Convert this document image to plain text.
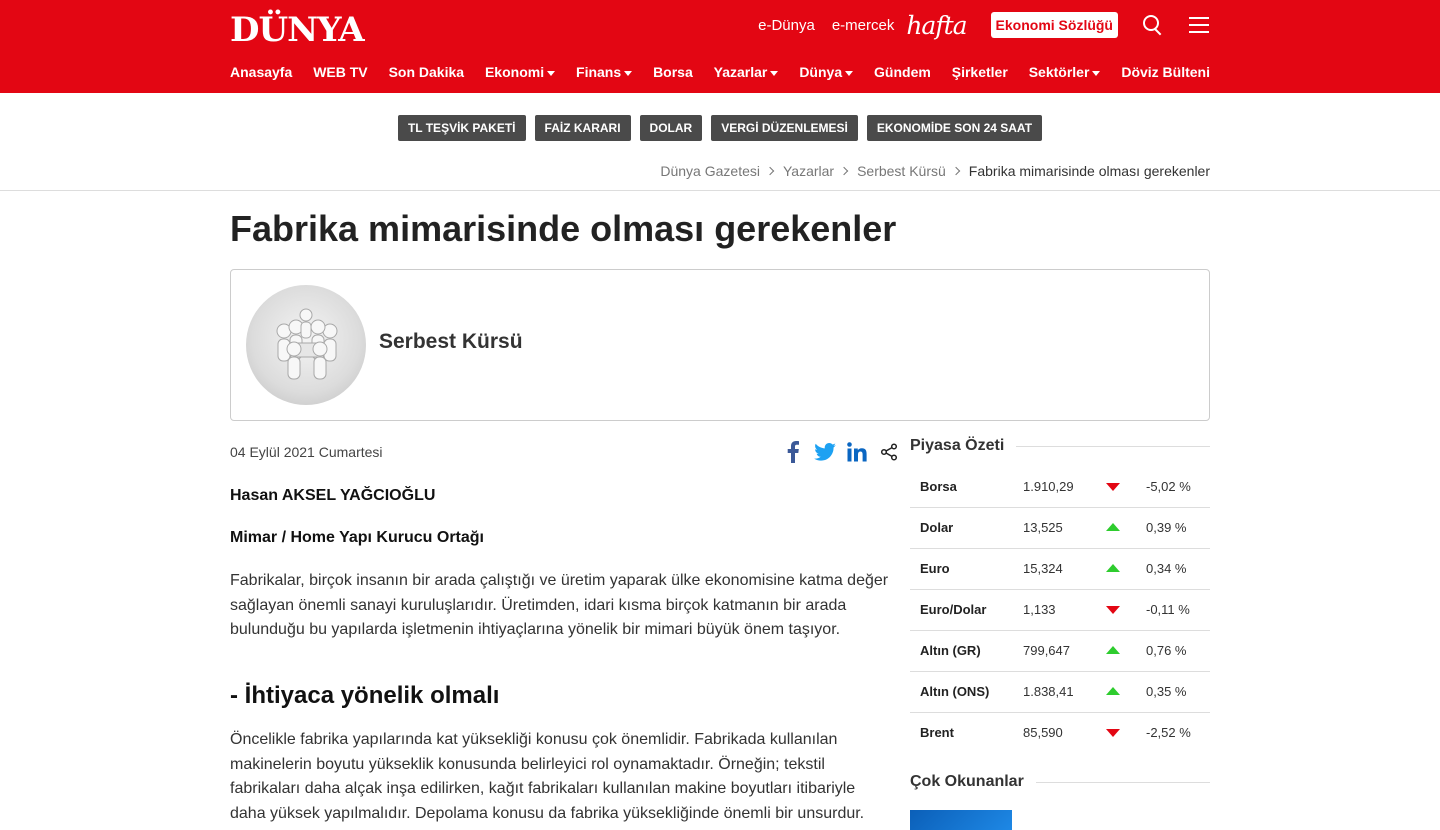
DÜNYA	e-Dünya e-mercek hafta	Ekonomi Sözlüğü
Anasayfa WEB TV Son Dakika Ekonomi	Finans	Borsa Yazarlar	Dünya	Gündem Şirketler Sektörler	Döviz Bülteni
TL TEŞVİK PAKETİ	FAİZ KARARI	DOLAR	VERGİ DÜZENLEMESİ	EKONOMİDE SON 24 SAAT
Dünya Gazetesi Yazarlar Serbest Kürsü Fabrika mimarisinde olması gerekenler
Fabrika mimarisinde olması gerekenler
Serbest Kürsü
04 Eylül 2021 Cumartesi
Hasan AKSEL YAĞCIOĞLU
Mimar / Home Yapı Kurucu Ortağı

Fabrikalar, birçok insanın bir arada çalıştığı ve üretim yaparak ülke ekonomisine katma değer sağlayan önemli sanayi kuruluşlarıdır. Üretimden, idari kısma birçok katmanın bir arada bulunduğu bu yapılarda işletmenin ihtiyaçlarına yönelik bir mimari büyük önem taşıyor.

- İhtiyaca yönelik olmalı

Öncelikle fabrika yapılarında kat yüksekliği konusu çok önemlidir. Fabrikada kullanılan makinelerin boyutu yükseklik konusunda belirleyici rol oynamaktadır. Örneğin; tekstil fabrikaları daha alçak inşa edilirken, kağıt fabrikaları kullanılan makine boyutları itibariyle daha yüksek yapılmalıdır. Depolama konusu da fabrika yüksekliğinde önemli bir unsurdur.

Piyasa Özeti
Borsa	1.910,29	-5,02 %
Dolar	13,525	0,39 %
Euro	15,324	0,34 %
Euro/Dolar	1,133	-0,11 %
Altın (GR)	799,647	0,76 %
Altın (ONS)	1.838,41	0,35 %
Brent	85,590	-2,52 %
Çok Okunanlar
